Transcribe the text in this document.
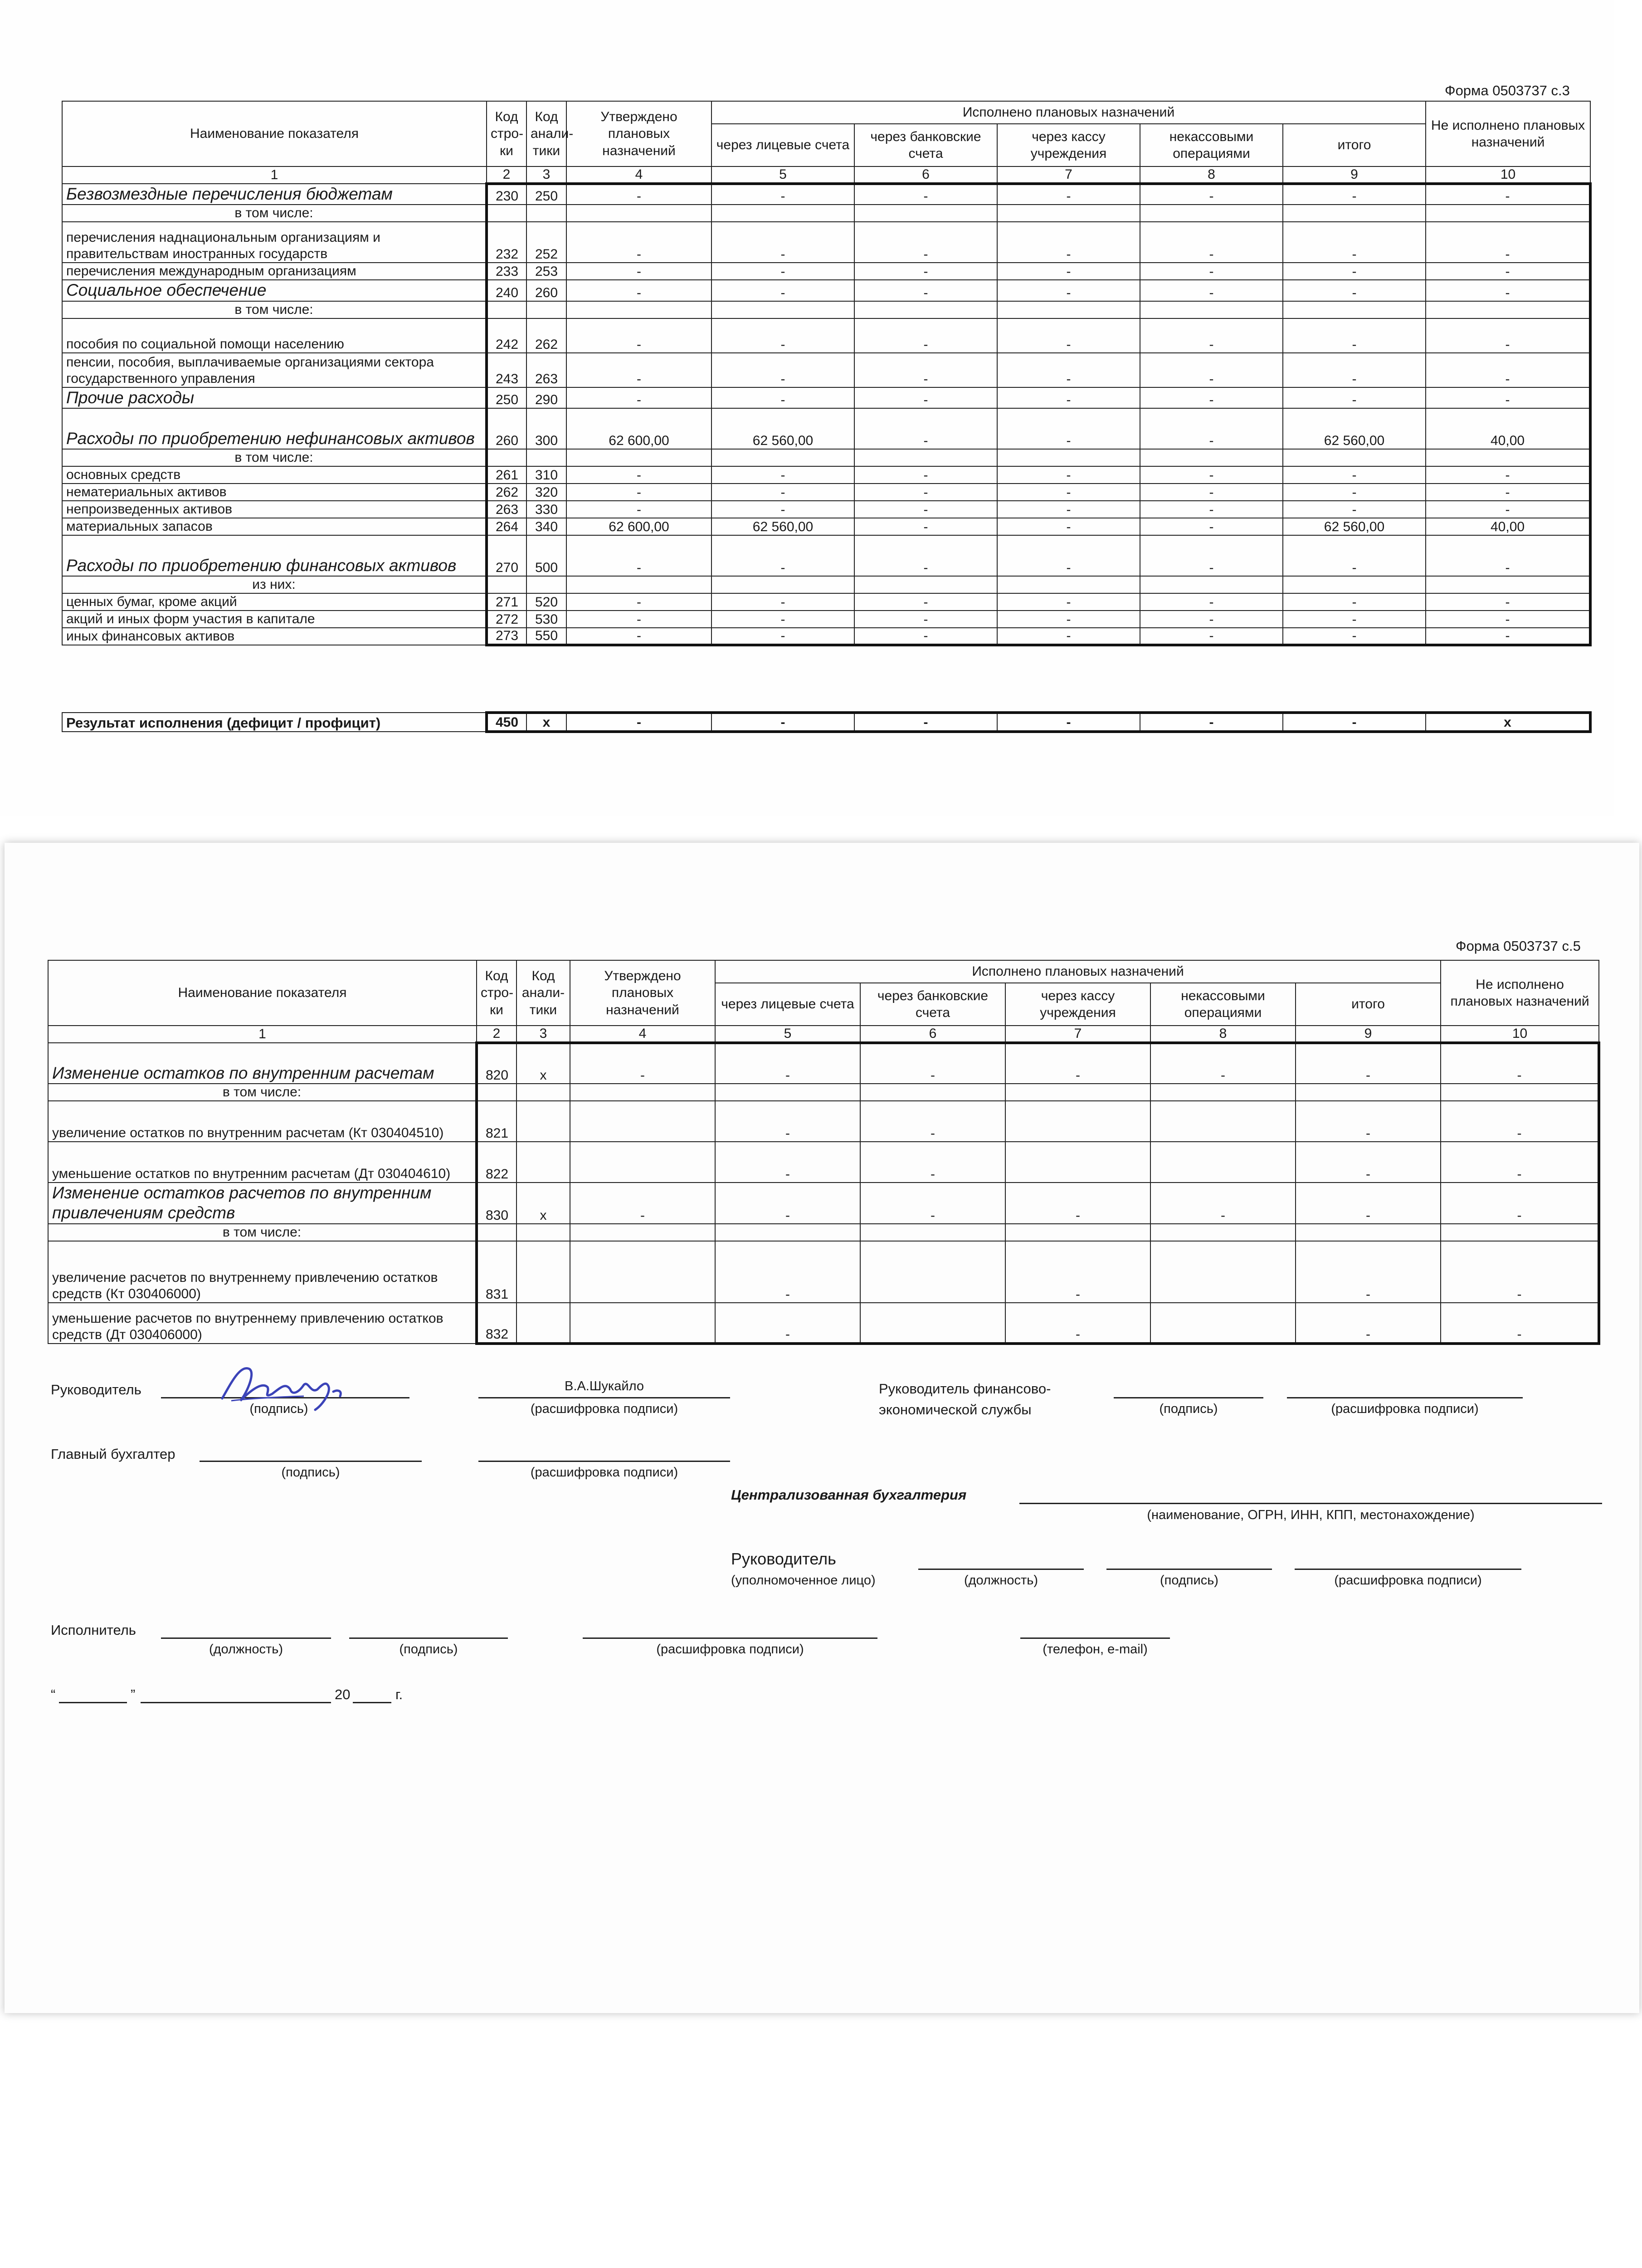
Форма 0503737 с.3
Наименование показателя	Код стро- ки	Код анали- тики	Утверждено плановых назначений	Исполнено плановых назначений					Не исполнено плановых назначений
				через лицевые счета	через банковские счета	через кассу учреждения	некассовыми операциями	итого	
1	2	3	4	5	6	7	8	9	10
Безвозмездные перечисления бюджетам	230	250	-	-	-	-	-	-	-
в том числе:									
перечисления наднациональным организациям и правительствам иностранных государств	232	252	-	-	-	-	-	-	-
перечисления международным организациям	233	253	-	-	-	-	-	-	-
Социальное обеспечение	240	260	-	-	-	-	-	-	-
в том числе:									
пособия по социальной помощи населению	242	262	-	-	-	-	-	-	-
пенсии, пособия, выплачиваемые организациями сектора государственного управления	243	263	-	-	-	-	-	-	-
Прочие расходы	250	290	-	-	-	-	-	-	-
Расходы по приобретению нефинансовых активов	260	300	62 600,00	62 560,00	-	-	-	62 560,00	40,00
в том числе:									
основных средств	261	310	-	-	-	-	-	-	-
нематериальных активов	262	320	-	-	-	-	-	-	-
непроизведенных активов	263	330	-	-	-	-	-	-	-
материальных запасов	264	340	62 600,00	62 560,00	-	-	-	62 560,00	40,00
Расходы по приобретению финансовых активов	270	500	-	-	-	-	-	-	-
из них:									
ценных бумаг, кроме акций	271	520	-	-	-	-	-	-	-
акций и иных форм участия в капитале	272	530	-	-	-	-	-	-	-
иных финансовых активов	273	550	-	-	-	-	-	-	-
Результат исполнения (дефицит / профицит)	450	x	-	-	-	-	-	-	x
Форма 0503737 с.5
Наименование показателя	Код стро- ки	Код анали- тики	Утверждено плановых назначений	Исполнено плановых назначений					Не исполнено плановых назначений
				через лицевые счета	через банковские счета	через кассу учреждения	некассовыми операциями	итого	
1	2	3	4	5	6	7	8	9	10
Изменение остатков по внутренним расчетам	820	x	-	-	-	-	-	-	-
в том числе:									
увеличение остатков по внутренним расчетам (Кт 030404510)	821			-	-			-	-
уменьшение остатков по внутренним расчетам (Дт 030404610)	822			-	-			-	-
Изменение остатков расчетов по внутренним привлечениям средств	830	x	-	-	-	-	-	-	-
в том числе:									
увеличение расчетов по внутреннему привлечению остатков средств (Кт 030406000)	831			-		-		-	-
уменьшение расчетов по внутреннему привлечению остатков средств (Дт 030406000)	832			-		-		-	-
Руководитель
(подпись)
В.А.Шукайло
(расшифровка подписи)
Руководитель финансово-
экономической службы	(подпись)	(расшифровка подписи)
Главный бухгалтер
(подпись)	(расшифровка подписи)
Централизованная бухгалтерия
(наименование, ОГРН, ИНН, КПП, местонахождение)
Руководитель
(уполномоченное лицо)	(должность)	(подпись)	(расшифровка подписи)
Исполнитель
(должность)	(подпись)	(расшифровка подписи)	(телефон, e-mail)
“	”	20	г.
